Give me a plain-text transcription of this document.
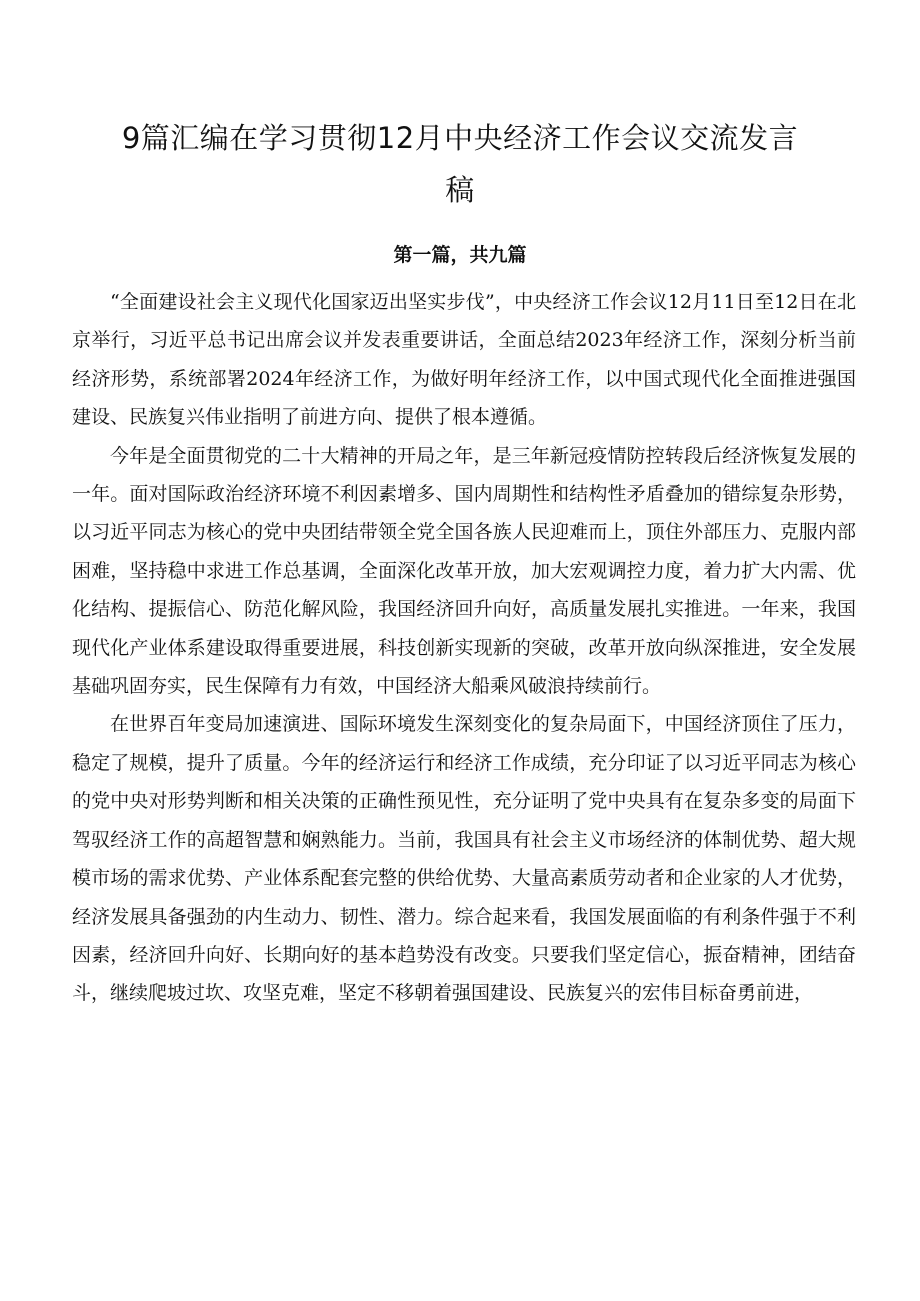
9篇汇编在学习贯彻12月中央经济工作会议交流发言稿
第一篇，共九篇

“全面建设社会主义现代化国家迈出坚实步伐”，中央经济工作会议12月11日至12日在北京举行，习近平总书记出席会议并发表重要讲话，全面总结2023年经济工作，深刻分析当前经济形势，系统部署2024年经济工作，为做好明年经济工作，以中国式现代化全面推进强国建设、民族复兴伟业指明了前进方向、提供了根本遵循。

今年是全面贯彻党的二十大精神的开局之年，是三年新冠疫情防控转段后经济恢复发展的一年。面对国际政治经济环境不利因素增多、国内周期性和结构性矛盾叠加的错综复杂形势，以习近平同志为核心的党中央团结带领全党全国各族人民迎难而上，顶住外部压力、克服内部困难，坚持稳中求进工作总基调，全面深化改革开放，加大宏观调控力度，着力扩大内需、优化结构、提振信心、防范化解风险，我国经济回升向好，高质量发展扎实推进。一年来，我国现代化产业体系建设取得重要进展，科技创新实现新的突破，改革开放向纵深推进，安全发展基础巩固夯实，民生保障有力有效，中国经济大船乘风破浪持续前行。

在世界百年变局加速演进、国际环境发生深刻变化的复杂局面下，中国经济顶住了压力，稳定了规模，提升了质量。今年的经济运行和经济工作成绩，充分印证了以习近平同志为核心的党中央对形势判断和相关决策的正确性预见性，充分证明了党中央具有在复杂多变的局面下驾驭经济工作的高超智慧和娴熟能力。当前，我国具有社会主义市场经济的体制优势、超大规模市场的需求优势、产业体系配套完整的供给优势、大量高素质劳动者和企业家的人才优势，经济发展具备强劲的内生动力、韧性、潜力。综合起来看，我国发展面临的有利条件强于不利因素，经济回升向好、长期向好的基本趋势没有改变。只要我们坚定信心，振奋精神，团结奋斗，继续爬坡过坎、攻坚克难，坚定不移朝着强国建设、民族复兴的宏伟目标奋勇前进，
